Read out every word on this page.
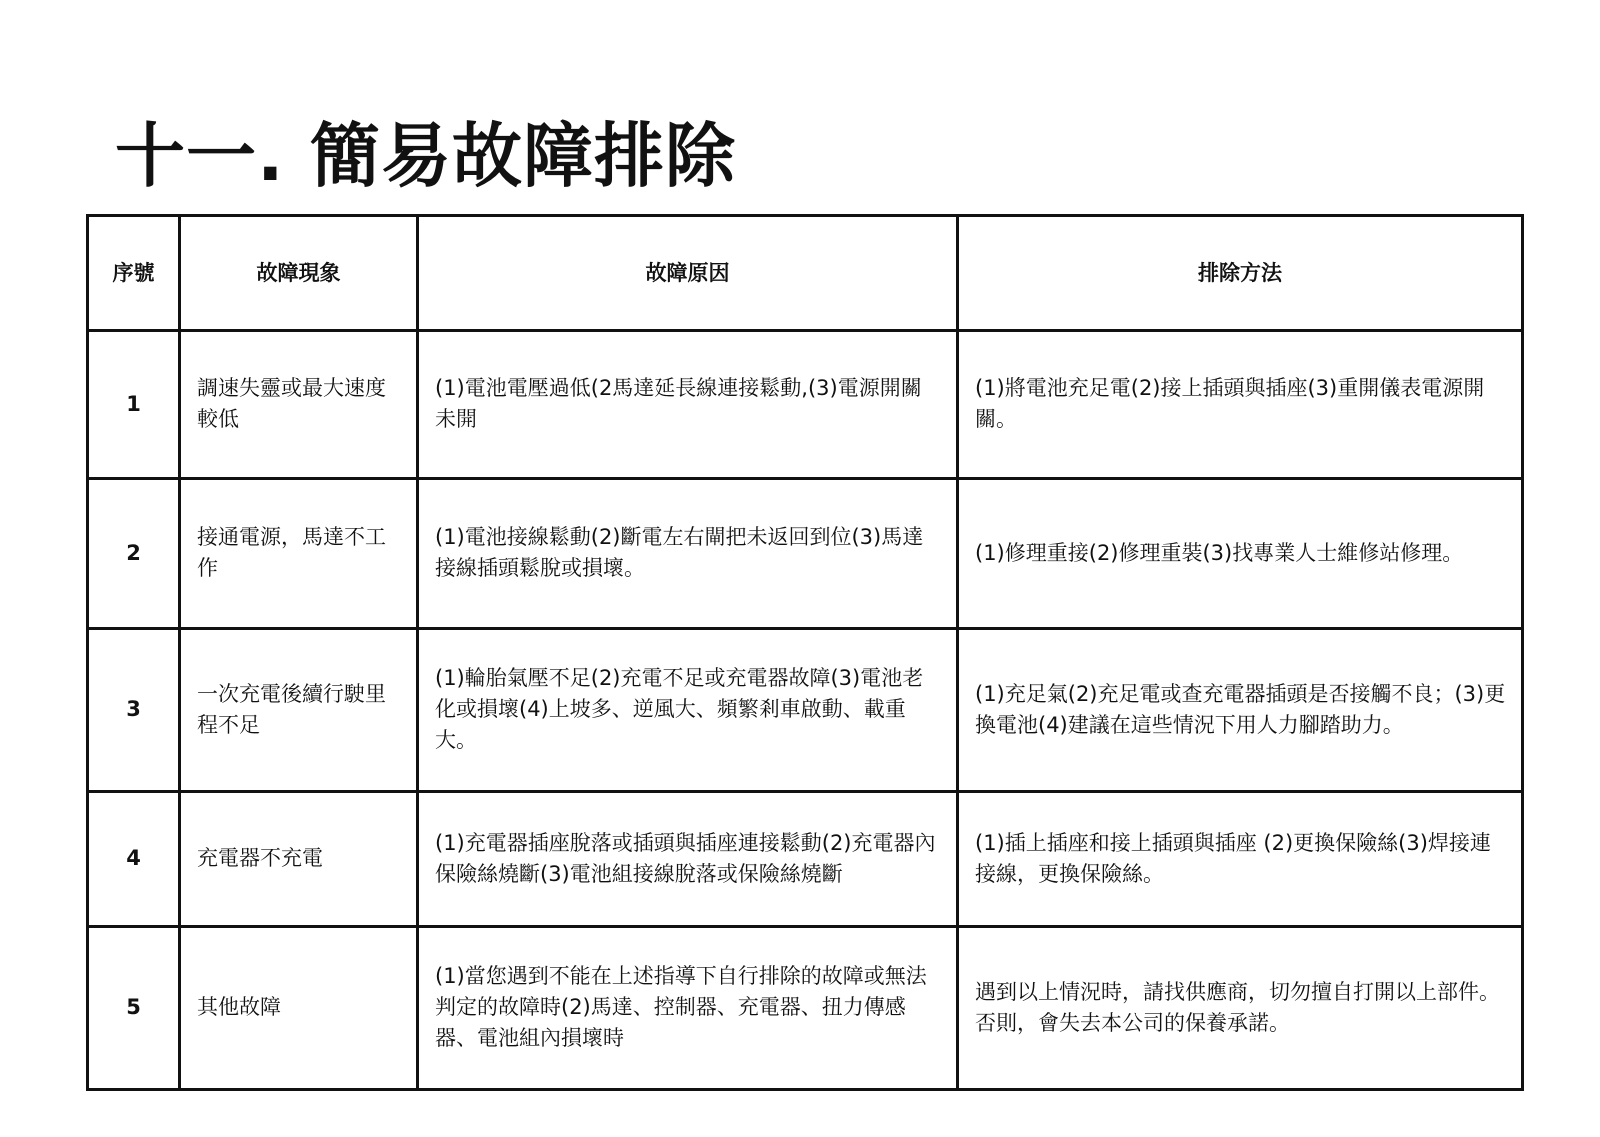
十一. 簡易故障排除
序號	故障現象	故障原因	排除方法
1	調速失靈或最大速度較低	(1)電池電壓過低(2馬達延長線連接鬆動,(3)電源開關未開	(1)將電池充足電(2)接上插頭與插座(3)重開儀表電源開關。
2	接通電源，馬達不工作	(1)電池接線鬆動(2)斷電左右閘把未返回到位(3)馬達接線插頭鬆脫或損壞。	(1)修理重接(2)修理重裝(3)找專業人士維修站修理。
3	一次充電後續行駛里程不足	(1)輪胎氣壓不足(2)充電不足或充電器故障(3)電池老化或損壞(4)上坡多、逆風大、頻繁剎車啟動、載重大。	(1)充足氣(2)充足電或查充電器插頭是否接觸不良；(3)更換電池(4)建議在這些情況下用人力腳踏助力。
4	充電器不充電	(1)充電器插座脫落或插頭與插座連接鬆動(2)充電器內保險絲燒斷(3)電池組接線脫落或保險絲燒斷	(1)插上插座和接上插頭與插座 (2)更換保險絲(3)焊接連接線，更換保險絲。
5	其他故障	(1)當您遇到不能在上述指導下自行排除的故障或無法判定的故障時(2)馬達、控制器、充電器、扭力傳感器、電池組內損壞時	遇到以上情況時，請找供應商，切勿擅自打開以上部件。否則，會失去本公司的保養承諾。
